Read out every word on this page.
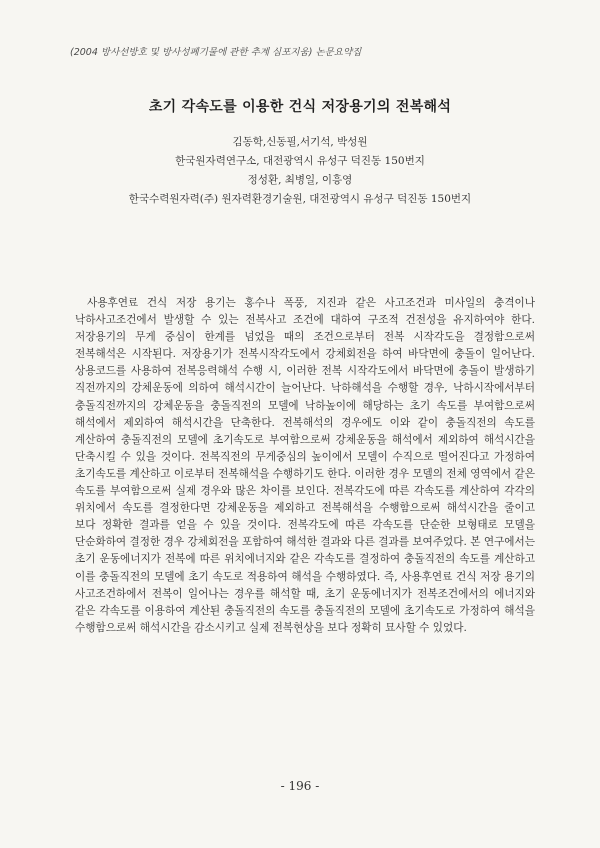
(2004 방사선방호 및 방사성폐기물에 관한 추계 심포지움) 논문요약집
초기 각속도를 이용한 건식 저장용기의 전복해석
김동학,신동필,서기석, 박성원
한국원자력연구소, 대전광역시 유성구 덕진동 150번지
정성환, 최병일, 이흥영
한국수력원자력(주) 원자력환경기술원, 대전광역시 유성구 덕진동 150번지

사용후연료 건식 저장 용기는 홍수나 폭풍, 지진과 같은 사고조건과 미사일의 충격이나 낙하사고조건에서 발생할 수 있는 전복사고 조건에 대하여 구조적 건전성을 유지하여야 한다. 저장용기의 무게 중심이 한계를 넘었을 때의 조건으로부터 전복 시작각도을 결정함으로써 전복해석은 시작된다. 저장용기가 전복시작각도에서 강체회전을 하여 바닥면에 충돌이 일어난다. 상용코드를 사용하여 전복응력해석 수행 시, 이러한 전복 시작각도에서 바닥면에 충돌이 발생하기 직전까지의 강체운동에 의하여 해석시간이 늘어난다. 낙하해석을 수행할 경우, 낙하시작에서부터 충돌직전까지의 강체운동을 충돌직전의 모델에 낙하높이에 해당하는 초기 속도를 부여함으로써 해석에서 제외하여 해석시간을 단축한다. 전복해석의 경우에도 이와 같이 충돌직전의 속도를 계산하여 충돌직전의 모델에 초기속도로 부여함으로써 강체운동을 해석에서 제외하여 해석시간을 단축시킬 수 있을 것이다. 전복직전의 무게중심의 높이에서 모델이 수직으로 떨어진다고 가정하여 초기속도를 계산하고 이로부터 전복해석을 수행하기도 한다. 이러한 경우 모델의 전체 영역에서 같은 속도를 부여함으로써 실제 경우와 많은 차이를 보인다. 전복각도에 따른 각속도를 계산하여 각각의 위치에서 속도를 결정한다면 강체운동을 제외하고 전복해석을 수행함으로써 해석시간을 줄이고 보다 정확한 결과를 얻을 수 있을 것이다. 전복각도에 따른 각속도를 단순한 보형태로 모델을 단순화하여 결정한 경우 강체회전을 포함하여 해석한 결과와 다른 결과를 보여주었다. 본 연구에서는 초기 운동에너지가 전복에 따른 위치에너지와 같은 각속도를 결정하여 충돌직전의 속도를 계산하고 이를 충돌직전의 모델에 초기 속도로 적용하여 해석을 수행하였다. 즉, 사용후연료 건식 저장 용기의 사고조건하에서 전복이 일어나는 경우를 해석할 때, 초기 운동에너지가 전복조건에서의 에너지와 같은 각속도를 이용하여 계산된 충돌직전의 속도를 충돌직전의 모델에 초기속도로 가정하여 해석을 수행함으로써 해석시간을 감소시키고 실제 전복현상을 보다 정확히 묘사할 수 있었다.

- 196 -
